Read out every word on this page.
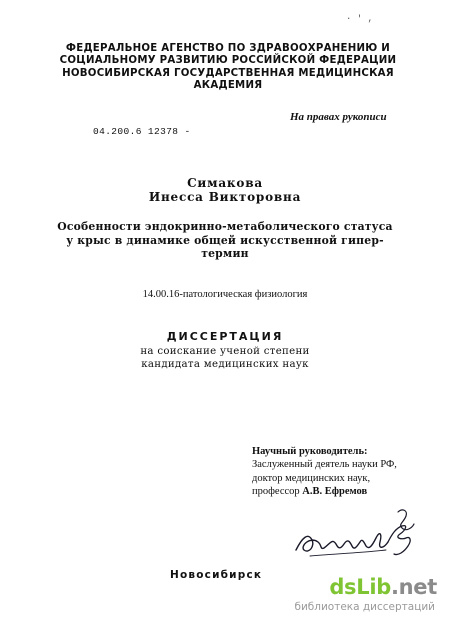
· ' ,
ФЕДЕРАЛЬНОЕ АГЕНСТВО ПО ЗДРАВООХРАНЕНИЮ И
СОЦИАЛЬНОМУ РАЗВИТИЮ РОССИЙСКОЙ ФЕДЕРАЦИИ
НОВОСИБИРСКАЯ ГОСУДАРСТВЕННАЯ МЕДИЦИНСКАЯ
АКАДЕМИЯ
На правах рукописи
04.200.6 12378 -
Симакова
Инесса Викторовна
Особенности эндокринно-метаболического статуса
у крыс в динамике общей искусственной гипер-
термин
14.00.16-патологическая физиология
ДИССЕРТАЦИЯ
на соискание ученой степени
кандидата медицинских наук
Научный руководитель:
Заслуженный деятель науки РФ,
доктор медицинских наук,
профессор А.В. Ефремов
Новосибирск	dsLib.net
библиотека диссертаций
